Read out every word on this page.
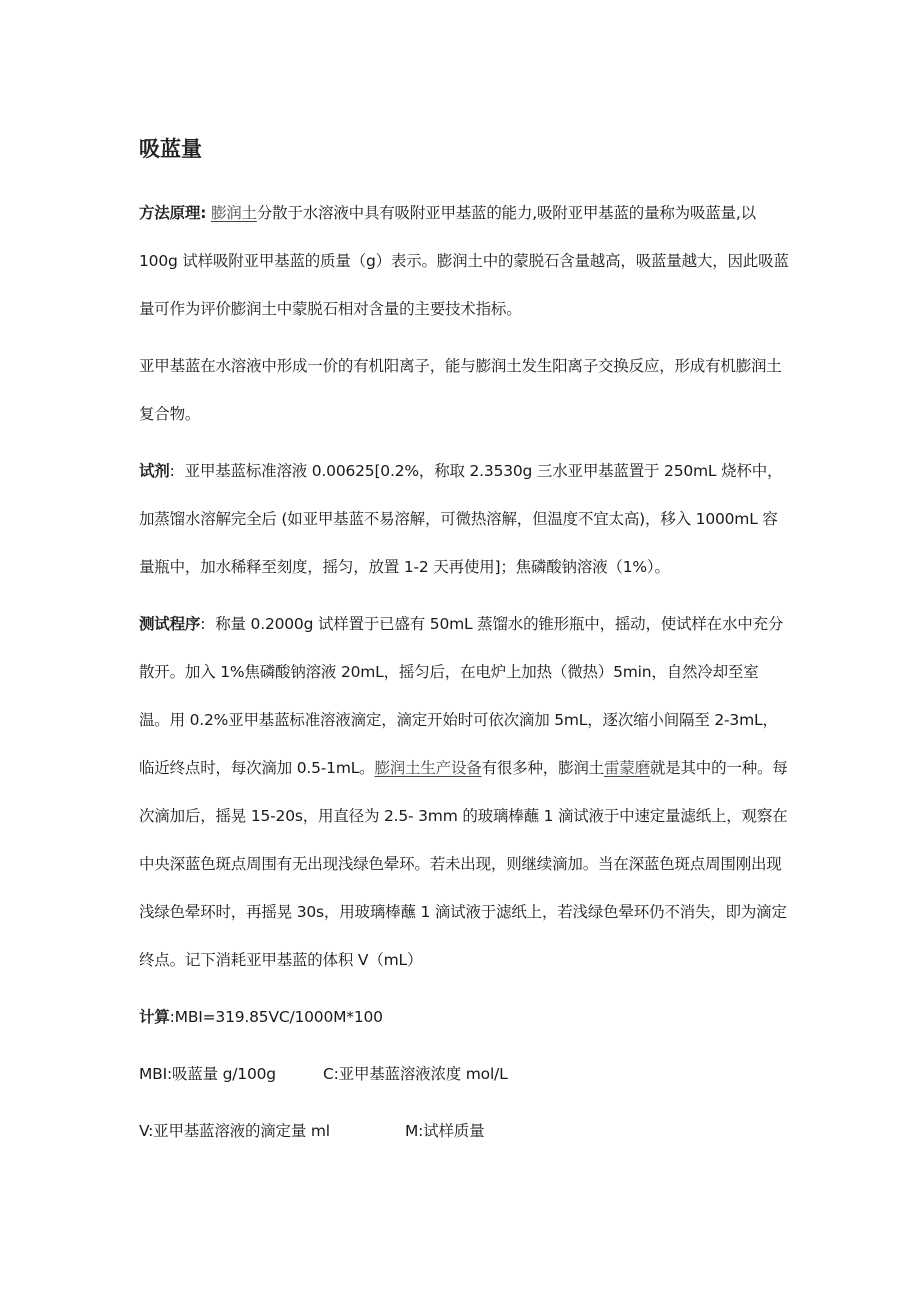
吸蓝量

方法原理: 膨润土分散于水溶液中具有吸附亚甲基蓝的能力,吸附亚甲基蓝的量称为吸蓝量,以 100g 试样吸附亚甲基蓝的质量（g）表示。膨润土中的蒙脱石含量越高，吸蓝量越大，因此吸蓝量可作为评价膨润土中蒙脱石相对含量的主要技术指标。

亚甲基蓝在水溶液中形成一价的有机阳离子，能与膨润土发生阳离子交换反应，形成有机膨润土复合物。

试剂: 亚甲基蓝标准溶液 0.00625[0.2%，称取 2.3530g 三水亚甲基蓝置于 250mL 烧杯中，加蒸馏水溶解完全后 (如亚甲基蓝不易溶解，可微热溶解，但温度不宜太高)，移入 1000mL 容量瓶中，加水稀释至刻度，摇匀，放置 1-2 天再使用]；焦磷酸钠溶液（1%）。

测试程序: 称量 0.2000g 试样置于已盛有 50mL 蒸馏水的锥形瓶中，摇动，使试样在水中充分散开。加入 1%焦磷酸钠溶液 20mL，摇匀后，在电炉上加热（微热）5min，自然冷却至室温。用 0.2%亚甲基蓝标准溶液滴定，滴定开始时可依次滴加 5mL，逐次缩小间隔至 2-3mL，临近终点时，每次滴加 0.5-1mL。膨润土生产设备有很多种，膨润土雷蒙磨就是其中的一种。每次滴加后，摇晃 15-20s，用直径为 2.5- 3mm 的玻璃棒蘸 1 滴试液于中速定量滤纸上，观察在中央深蓝色斑点周围有无出现浅绿色晕环。若未出现，则继续滴加。当在深蓝色斑点周围刚出现浅绿色晕环时，再摇晃 30s，用玻璃棒蘸 1 滴试液于滤纸上，若浅绿色晕环仍不消失，即为滴定终点。记下消耗亚甲基蓝的体积 V（mL）

计算:MBI=319.85VC/1000M*100

MBI:吸蓝量 g/100g	C:亚甲基蓝溶液浓度 mol/L

V:亚甲基蓝溶液的滴定量 ml	M:试样质量
